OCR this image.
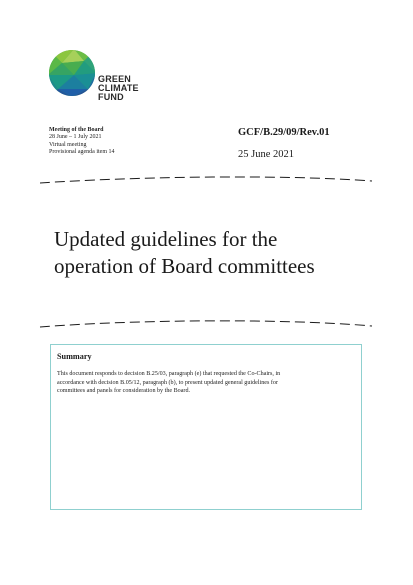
GREEN
CLIMATE
FUND
Meeting of the Board
28 June – 1 July 2021
Virtual meeting
Provisional agenda item 14
GCF/B.29/09/Rev.01
25 June 2021
Updated guidelines for the
operation of Board committees
Summary
This document responds to decision B.25/03, paragraph (e) that requested the Co-Chairs, in
accordance with decision B.05/12, paragraph (b), to present updated general guidelines for
committees and panels for consideration by the Board.
